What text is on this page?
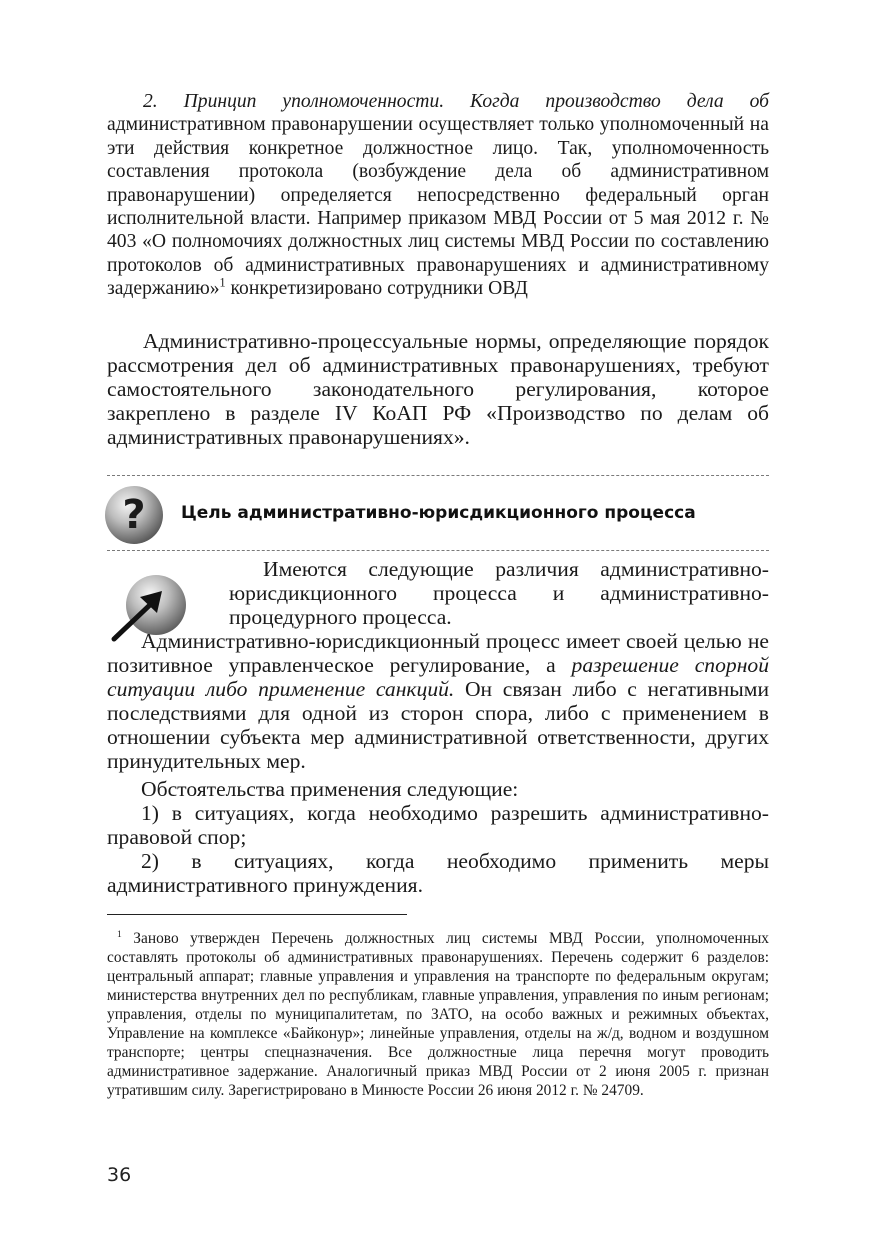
2. Принцип уполномоченности. Когда производство дела об административном правонарушении осуществляет только уполномоченный на эти действия конкретное должностное лицо. Так, уполномоченность составления протокола (возбуждение дела об административном правонарушении) определяется непосредственно федеральный орган исполнительной власти. Например приказом МВД России от 5 мая 2012 г. № 403 «О полномочиях должностных лиц системы МВД России по составлению протоколов об административных правонарушениях и административному задержанию»$^1$ конкретизировано сотрудники ОВД

Административно-процессуальные нормы, определяющие порядок рассмотрения дел об административных правонарушениях, требуют самостоятельного законодательного регулирования, которое закреплено в разделе IV КоАП РФ «Производство по делам об административных правонарушениях».

? Цель административно-юрисдикционного процесса

Имеются следующие различия административно-юрисдикционного процесса и административно-процедурного процесса.

Административно-юрисдикционный процесс имеет своей целью не позитивное управленческое регулирование, а разрешение спорной ситуации либо применение санкций. Он связан либо с негативными последствиями для одной из сторон спора, либо с применением в отношении субъекта мер административной ответственности, других принудительных мер.

Обстоятельства применения следующие:

1) в ситуациях, когда необходимо разрешить административно-правовой спор;

2) в ситуациях, когда необходимо применить меры административного принуждения.

$^1$ Заново утвержден Перечень должностных лиц системы МВД России, уполномоченных составлять протоколы об административных правонарушениях. Перечень содержит 6 разделов: центральный аппарат; главные управления и управления на транспорте по федеральным округам; министерства внутренних дел по республикам, главные управления, управления по иным регионам; управления, отделы по муниципалитетам, по ЗАТО, на особо важных и режимных объектах, Управление на комплексе «Байконур»; линейные управления, отделы на ж/д, водном и воздушном транспорте; центры спецназначения. Все должностные лица перечня могут проводить административное задержание. Аналогичный приказ МВД России от 2 июня 2005 г. признан утратившим силу. Зарегистрировано в Минюсте России 26 июня 2012 г. № 24709.

36
